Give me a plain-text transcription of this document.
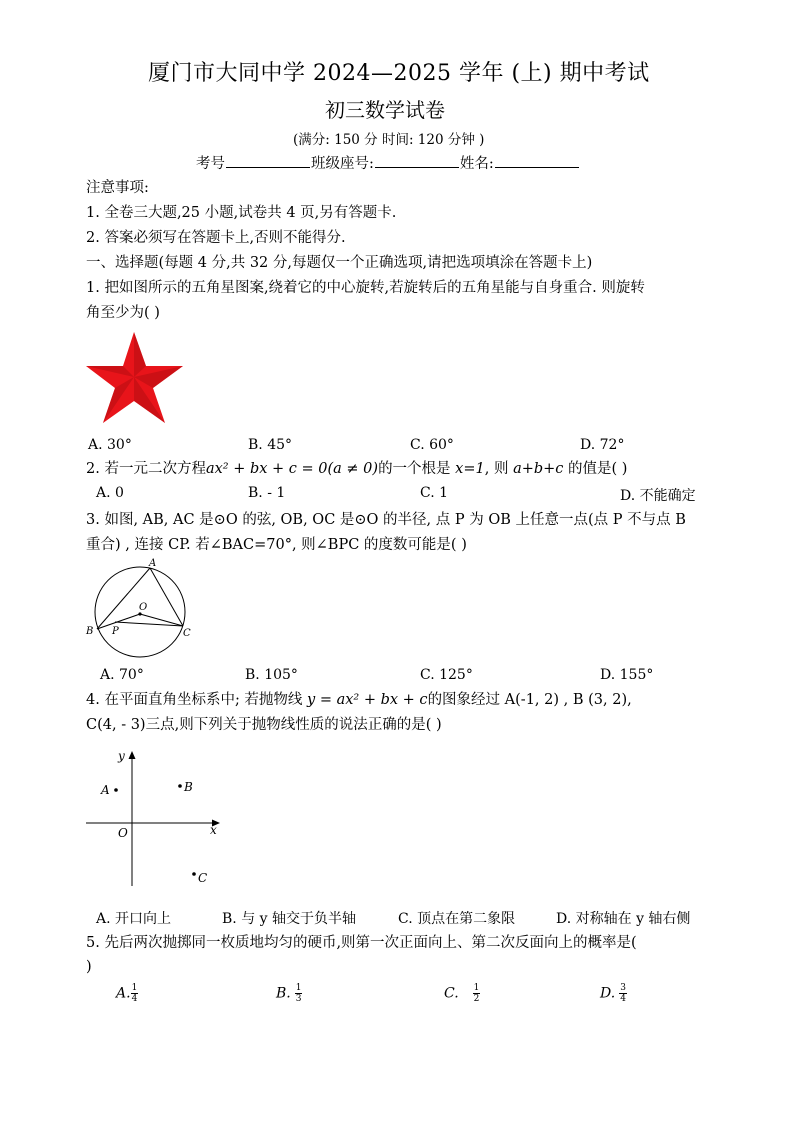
厦门市大同中学 2024—2025 学年 (上) 期中考试
初三数学试卷
(满分: 150 分 时间: 120 分钟 )
考号	班级座号:	姓名:
注意事项:
1. 全卷三大题,25 小题,试卷共 4 页,另有答题卡.
2. 答案必须写在答题卡上,否则不能得分.
一、选择题(每题 4 分,共 32 分,每题仅一个正确选项,请把选项填涂在答题卡上)
1. 把如图所示的五角星图案,绕着它的中心旋转,若旋转后的五角星能与自身重合. 则旋转
角至少为( )
A. 30°	B. 45°	C. 60°	D. 72°
2. 若一元二次方程ax² + bx + c = 0(a ≠ 0)的一个根是 x=1, 则 a+b+c 的值是( )
A. 0	B. - 1	C. 1	D. 不能确定
3. 如图, AB, AC 是⊙O 的弦, OB, OC 是⊙O 的半径, 点 P 为 OB 上任意一点(点 P 不与点 B
重合) , 连接 CP. 若∠BAC=70°, 则∠BPC 的度数可能是( )
A
O
B P	C
A. 70°	B. 105°	C. 125°	D. 155°
4. 在平面直角坐标系中; 若抛物线 y = ax² + bx + c的图象经过 A(-1, 2) , B (3, 2),
C(4, - 3)三点,则下列关于抛物线性质的说法正确的是( )
y
x
O
A	B
C
A. 开口向上	B. 与 y 轴交于负半轴	C. 顶点在第二象限	D. 对称轴在 y 轴右侧
5. 先后两次抛掷同一枚质地均匀的硬币,则第一次正面向上、第二次反面向上的概率是(
)
A. $\frac{1}{4}$	B. $\frac{1}{3}$	C. $\frac{1}{2}$	D. $\frac{3}{4}$
